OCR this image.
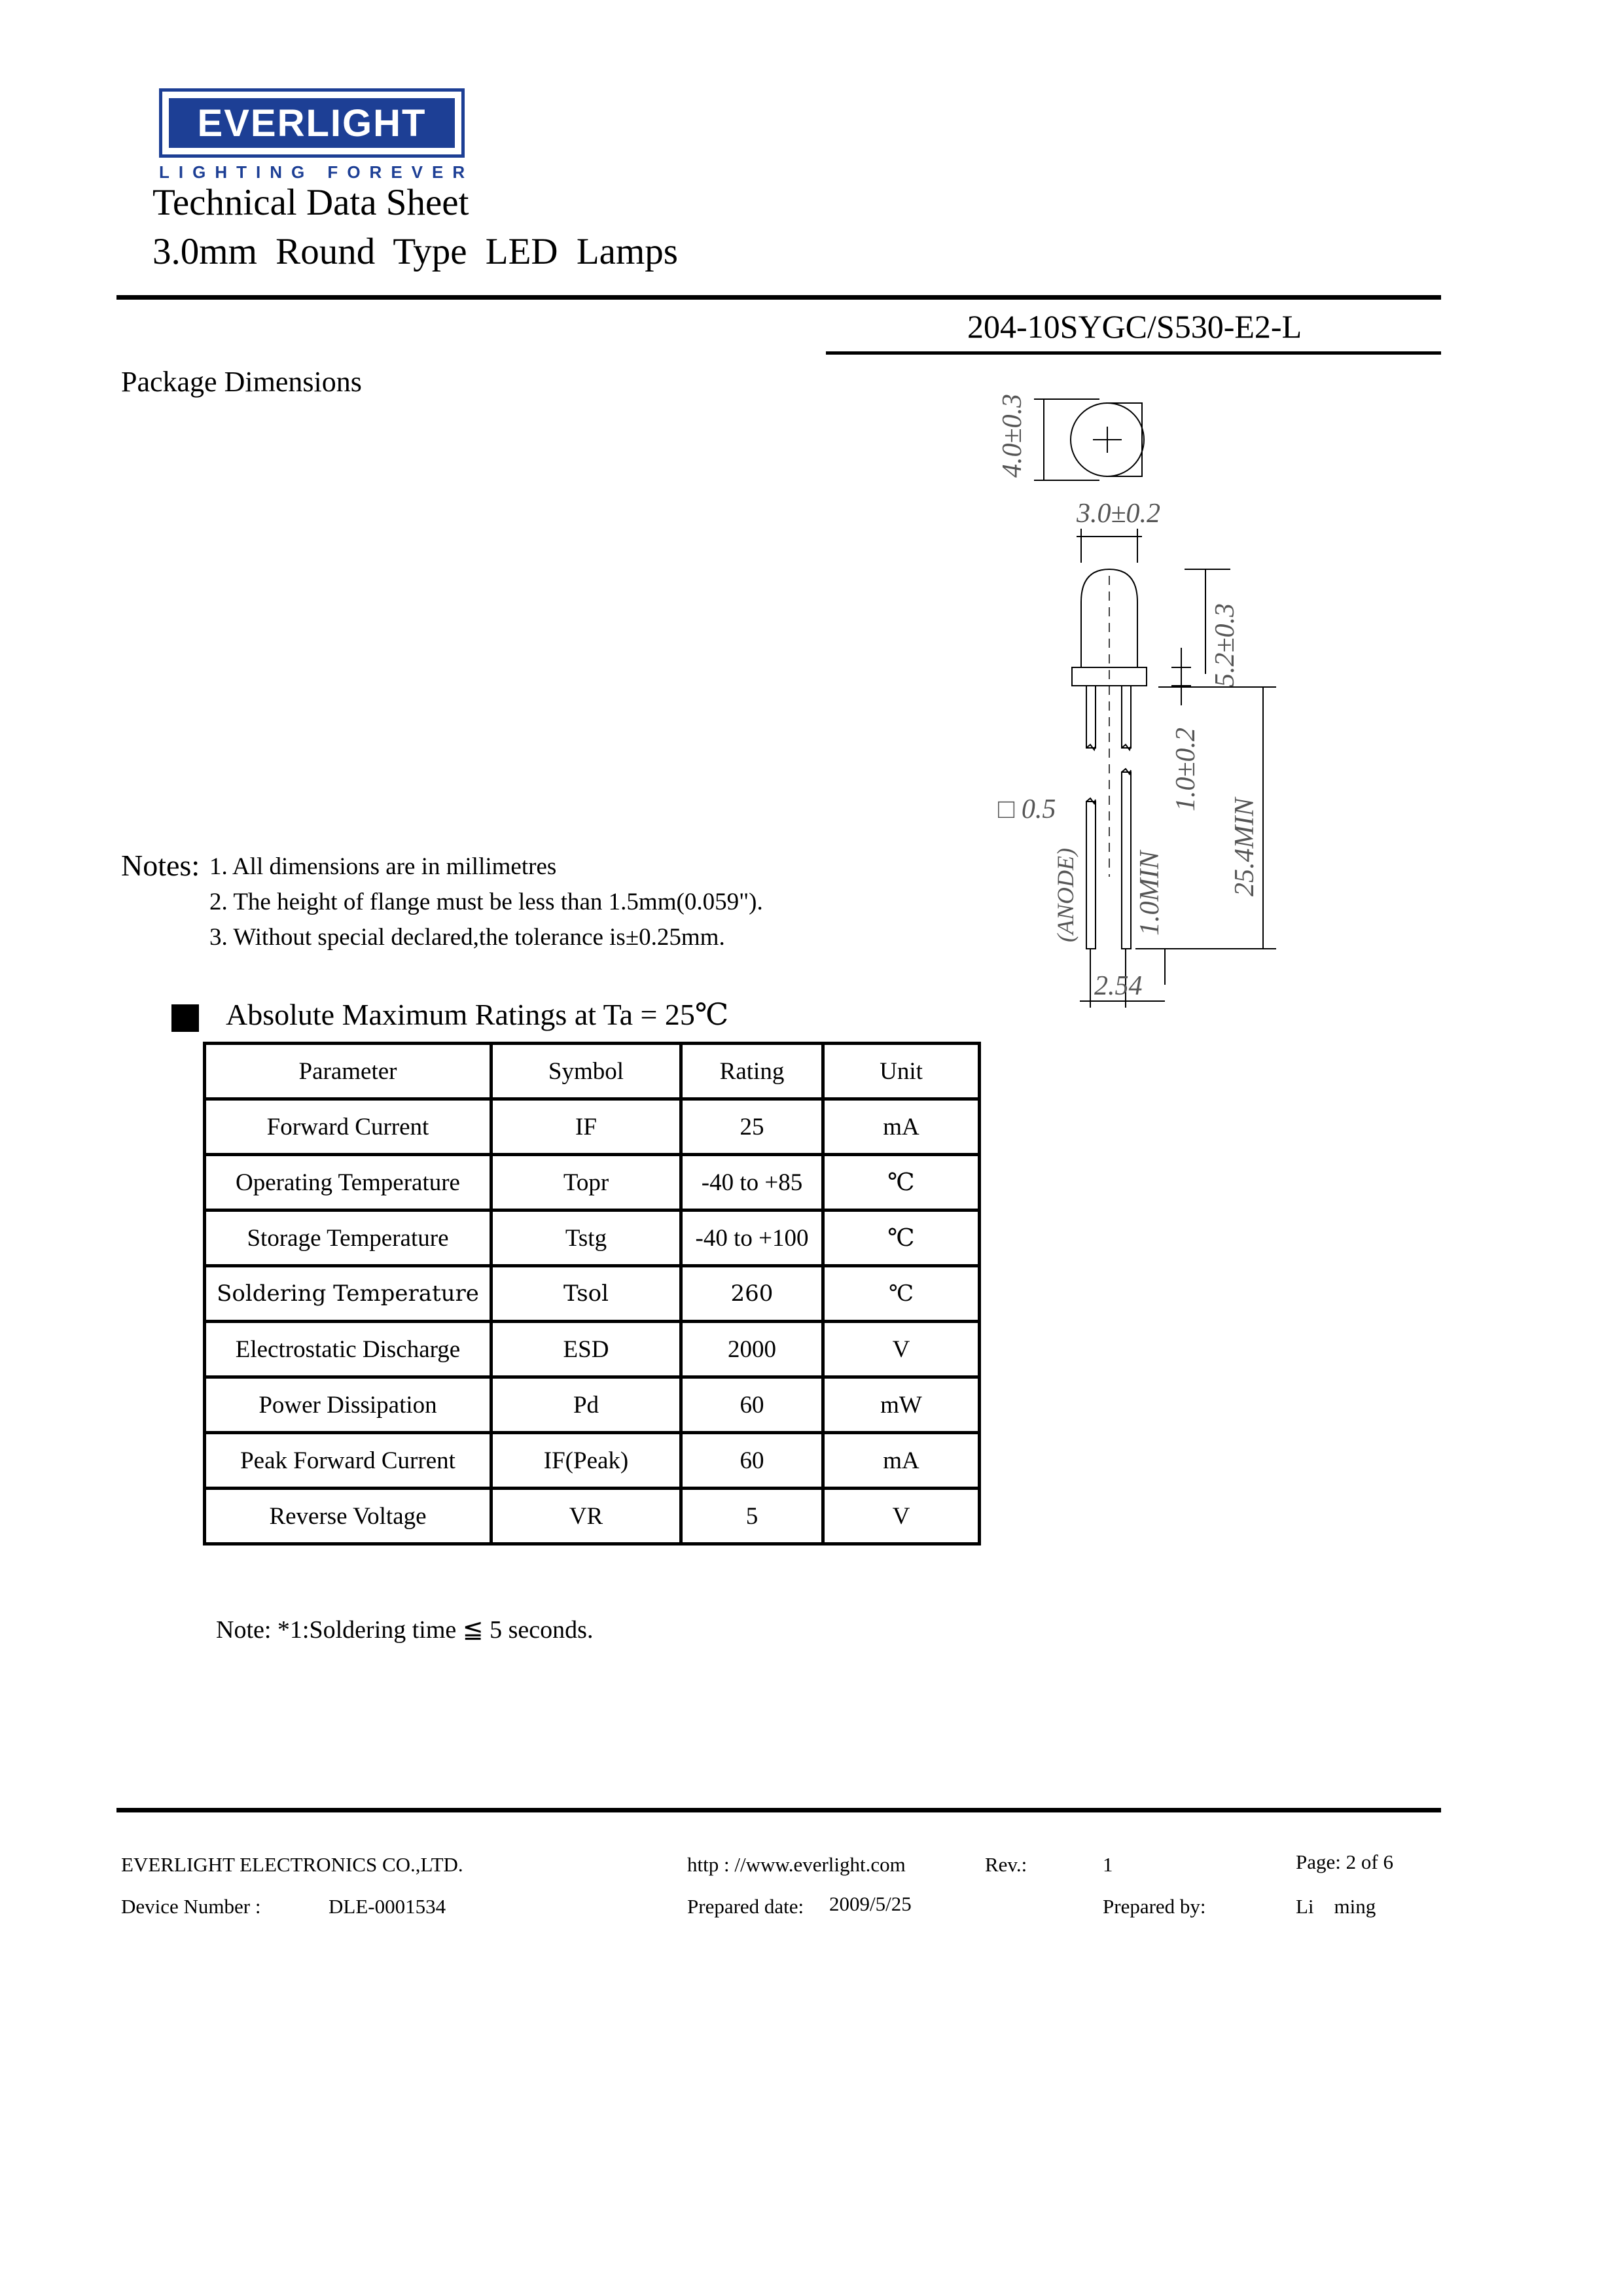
EVERLIGHT
LIGHTING FOREVER
Technical Data Sheet
3.0mm Round Type LED Lamps
204-10SYGC/S530-E2-L
Package Dimensions
4.0±0.3
3.0±0.2
5.2±0.3
1.0±0.2
□ 0.5
1.0MIN 25.4MIN
(ANODE)
2.54
Notes: 1. All dimensions are in millimetres
2. The height of flange must be less than 1.5mm(0.059").
3. Without special declared,the tolerance is±0.25mm.
Absolute Maximum Ratings at Ta = 25℃
Parameter	Symbol	Rating	Unit
Forward Current	IF	25	mA
Operating Temperature	Topr	-40 to +85	℃
Storage Temperature	Tstg	-40 to +100	℃
Soldering Temperature	Tsol	260	℃
Electrostatic Discharge	ESD	2000	V
Power Dissipation	Pd	60	mW
Peak Forward Current	IF(Peak)	60	mA
Reverse Voltage	VR	5	V
Note: *1:Soldering time ≦ 5 seconds.
EVERLIGHT ELECTRONICS CO.,LTD.	http : //www.everlight.com	Rev.:	1	Page: 2 of 6
Device Number :	DLE-0001534	Prepared date: 2009/5/25	Prepared by:	Li    ming
